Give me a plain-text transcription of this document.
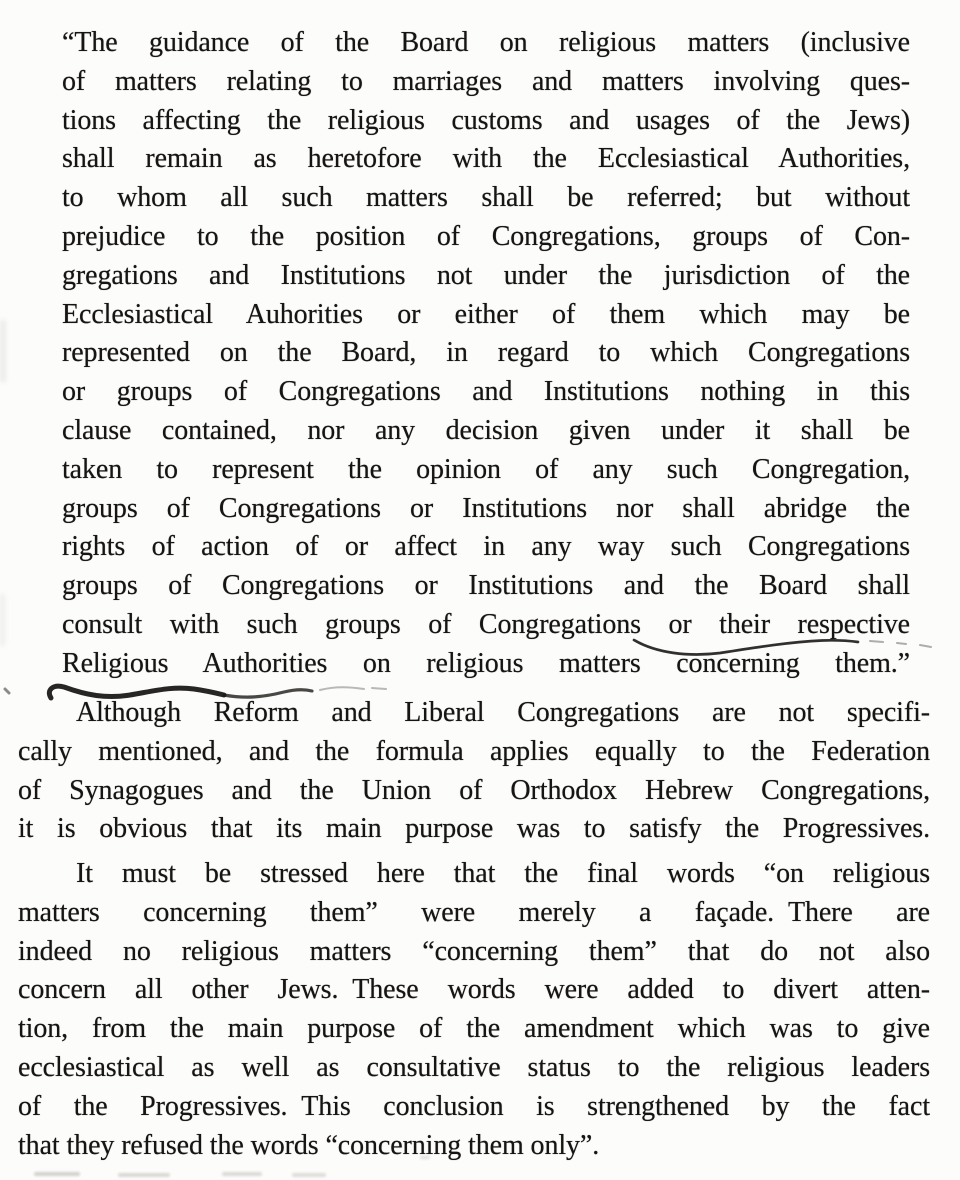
“The guidance of the Board on religious matters (inclusive
of matters relating to marriages and matters involving ques-
tions affecting the religious customs and usages of the Jews)
shall remain as heretofore with the Ecclesiastical Authorities,
to whom all such matters shall be referred; but without
prejudice to the position of Congregations, groups of Con-
gregations and Institutions not under the jurisdiction of the
Ecclesiastical Auhorities or either of them which may be
represented on the Board, in regard to which Congregations
or groups of Congregations and Institutions nothing in this
clause contained, nor any decision given under it shall be
taken to represent the opinion of any such Congregation,
groups of Congregations or Institutions nor shall abridge the
rights of action of or affect in any way such Congregations
groups of Congregations or Institutions and the Board shall
consult with such groups of Congregations or their respective
Religious Authorities on religious matters concerning them.”
Although Reform and Liberal Congregations are not specifi-
cally mentioned, and the formula applies equally to the Federation
of Synagogues and the Union of Orthodox Hebrew Congregations,
it is obvious that its main purpose was to satisfy the Progressives.
It must be stressed here that the final words “on religious
matters concerning them” were merely a façade. There are
indeed no religious matters “concerning them” that do not also
concern all other Jews. These words were added to divert atten-
tion, from the main purpose of the amendment which was to give
ecclesiastical as well as consultative status to the religious leaders
of the Progressives. This conclusion is strengthened by the fact
that they refused the words “concerning them only”.
